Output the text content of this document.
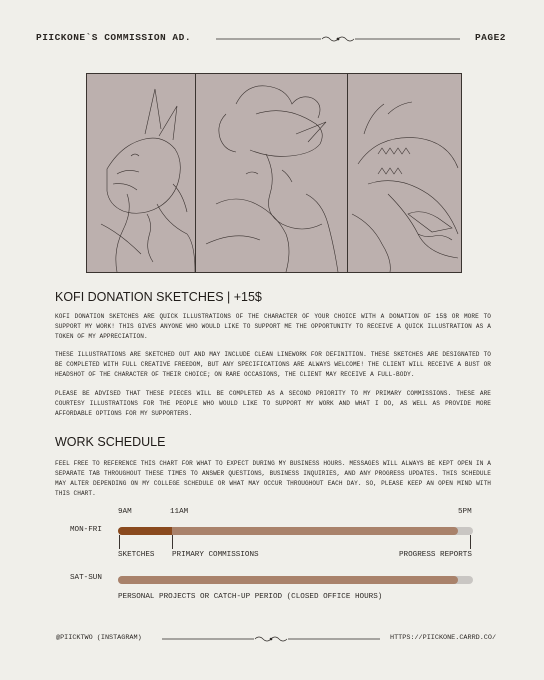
PIICKONE`S COMMISSION AD.	PAGE2
KOFI DONATION SKETCHES | +15$
KOFI DONATION SKETCHES ARE QUICK ILLUSTRATIONS OF THE CHARACTER OF YOUR CHOICE WITH A DONATION OF 15$ OR MORE TO SUPPORT MY WORK! THIS GIVES ANYONE WHO WOULD LIKE TO SUPPORT ME THE OPPORTUNITY TO RECEIVE A QUICK ILLUSTRATION AS A TOKEN OF MY APPRECIATION.
THESE ILLUSTRATIONS ARE SKETCHED OUT AND MAY INCLUDE CLEAN LINEWORK FOR DEFINITION. THESE SKETCHES ARE DESIGNATED TO BE COMPLETED WITH FULL CREATIVE FREEDOM, BUT ANY SPECIFICATIONS ARE ALWAYS WELCOME! THE CLIENT WILL RECEIVE A BUST OR HEADSHOT OF THE CHARACTER OF THEIR CHOICE; ON RARE OCCASIONS, THE CLIENT MAY RECEIVE A FULL-BODY.
PLEASE BE ADVISED THAT THESE PIECES WILL BE COMPLETED AS A SECOND PRIORITY TO MY PRIMARY COMMISSIONS. THESE ARE COURTESY ILLUSTRATIONS FOR THE PEOPLE WHO WOULD LIKE TO SUPPORT MY WORK AND WHAT I DO, AS WELL AS PROVIDE MORE AFFORDABLE OPTIONS FOR MY SUPPORTERS.
WORK SCHEDULE
FEEL FREE TO REFERENCE THIS CHART FOR WHAT TO EXPECT DURING MY BUSINESS HOURS. MESSAGES WILL ALWAYS BE KEPT OPEN IN A SEPARATE TAB THROUGHOUT THESE TIMES TO ANSWER QUESTIONS, BUSINESS INQUIRIES, AND ANY PROGRESS UPDATES. THIS SCHEDULE MAY ALTER DEPENDING ON MY COLLEGE SCHEDULE OR WHAT MAY OCCUR THROUGHOUT EACH DAY. SO, PLEASE KEEP AN OPEN MIND WITH THIS CHART.
9AM	11AM	5PM
MON-FRI
SKETCHES PRIMARY COMMISSIONS	PROGRESS REPORTS
SAT-SUN
PERSONAL PROJECTS OR CATCH-UP PERIOD (CLOSED OFFICE HOURS)
@PIICKTWO (INSTAGRAM)	HTTPS://PIICKONE.CARRD.CO/
